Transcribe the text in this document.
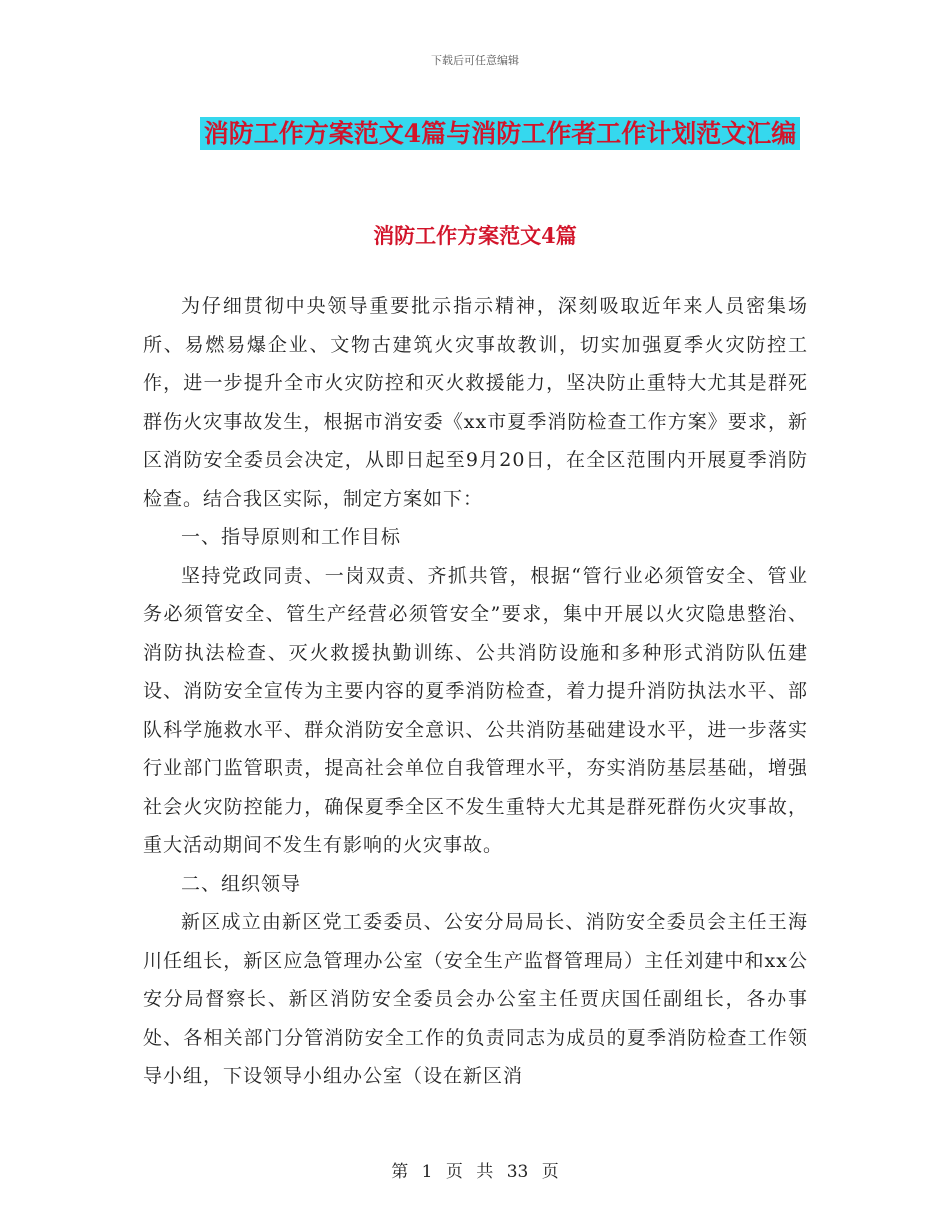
下载后可任意编辑
消防工作方案范文4篇与消防工作者工作计划范文汇编
消防工作方案范文4篇

为仔细贯彻中央领导重要批示指示精神，深刻吸取近年来人员密集场所、易燃易爆企业、文物古建筑火灾事故教训，切实加强夏季火灾防控工作，进一步提升全市火灾防控和灭火救援能力，坚决防止重特大尤其是群死群伤火灾事故发生，根据市消安委《xx市夏季消防检查工作方案》要求，新区消防安全委员会决定，从即日起至9月20日，在全区范围内开展夏季消防检查。结合我区实际，制定方案如下：

一、指导原则和工作目标

坚持党政同责、一岗双责、齐抓共管，根据“管行业必须管安全、管业务必须管安全、管生产经营必须管安全”要求，集中开展以火灾隐患整治、消防执法检查、灭火救援执勤训练、公共消防设施和多种形式消防队伍建设、消防安全宣传为主要内容的夏季消防检查，着力提升消防执法水平、部队科学施救水平、群众消防安全意识、公共消防基础建设水平，进一步落实行业部门监管职责，提高社会单位自我管理水平，夯实消防基层基础，增强社会火灾防控能力，确保夏季全区不发生重特大尤其是群死群伤火灾事故，重大活动期间不发生有影响的火灾事故。

二、组织领导

新区成立由新区党工委委员、公安分局局长、消防安全委员会主任王海川任组长，新区应急管理办公室（安全生产监督管理局）主任刘建中和xx公安分局督察长、新区消防安全委员会办公室主任贾庆国任副组长，各办事处、各相关部门分管消防安全工作的负责同志为成员的夏季消防检查工作领导小组，下设领导小组办公室（设在新区消

第 1 页 共 33 页
